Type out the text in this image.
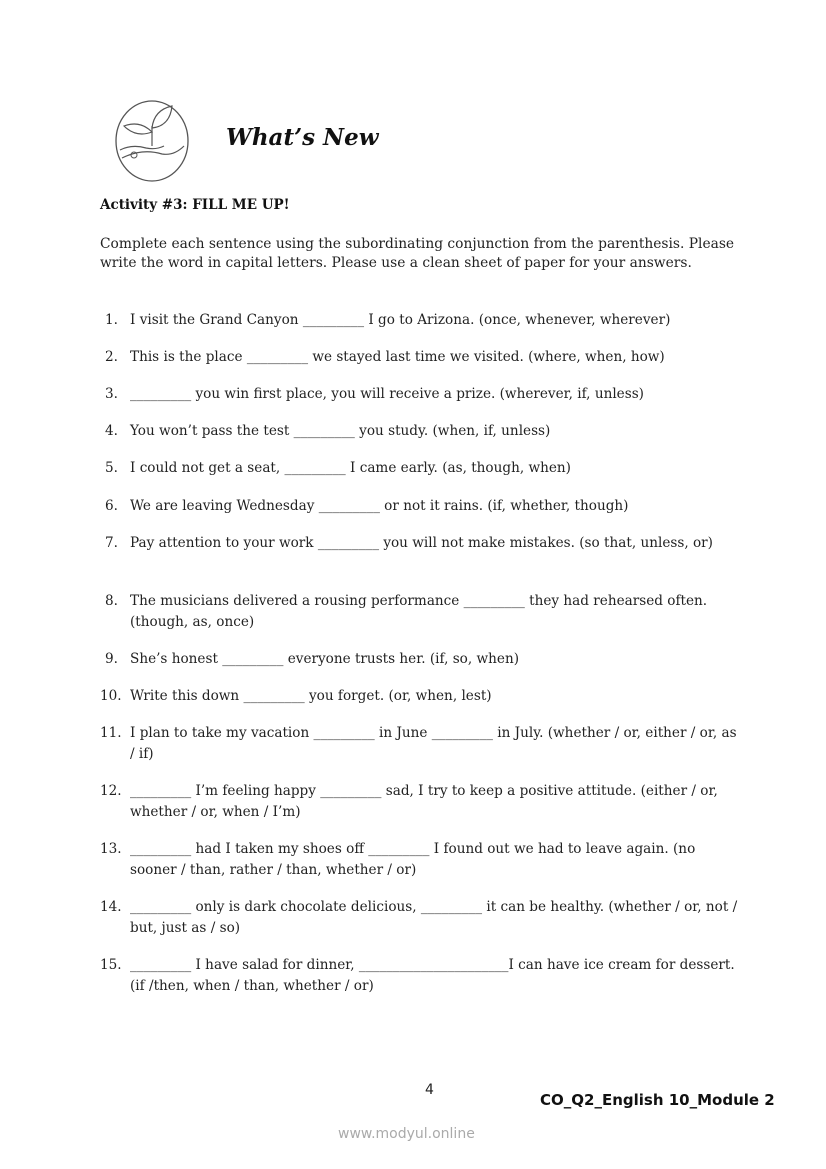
What’s New
Activity #3: FILL ME UP!
Complete each sentence using the subordinating conjunction from the parenthesis. Please write the word in capital letters. Please use a clean sheet of paper for your answers.
1. I visit the Grand Canyon _________ I go to Arizona. (once, whenever, wherever)
2. This is the place _________ we stayed last time we visited. (where, when, how)
3. _________ you win first place, you will receive a prize. (wherever, if, unless)
4. You won’t pass the test _________ you study. (when, if, unless)
5. I could not get a seat, _________ I came early. (as, though, when)
6. We are leaving Wednesday _________ or not it rains. (if, whether, though)
7. Pay attention to your work _________ you will not make mistakes. (so that, unless, or)
8. The musicians delivered a rousing performance _________ they had rehearsed often. (though, as, once)
9. She’s honest _________ everyone trusts her. (if, so, when)
10. Write this down _________ you forget. (or, when, lest)
11. I plan to take my vacation _________ in June _________ in July. (whether / or, either / or, as / if)
12. _________ I’m feeling happy _________ sad, I try to keep a positive attitude. (either / or, whether / or, when / I’m)
13. _________ had I taken my shoes off _________ I found out we had to leave again. (no sooner / than, rather / than, whether / or)
14. _________ only is dark chocolate delicious, _________ it can be healthy. (whether / or, not / but, just as / so)
15. _________ I have salad for dinner, ______________________I can have ice cream for dessert. (if /then, when / than, whether / or)
4
CO_Q2_English 10_Module 2
www.modyul.online
